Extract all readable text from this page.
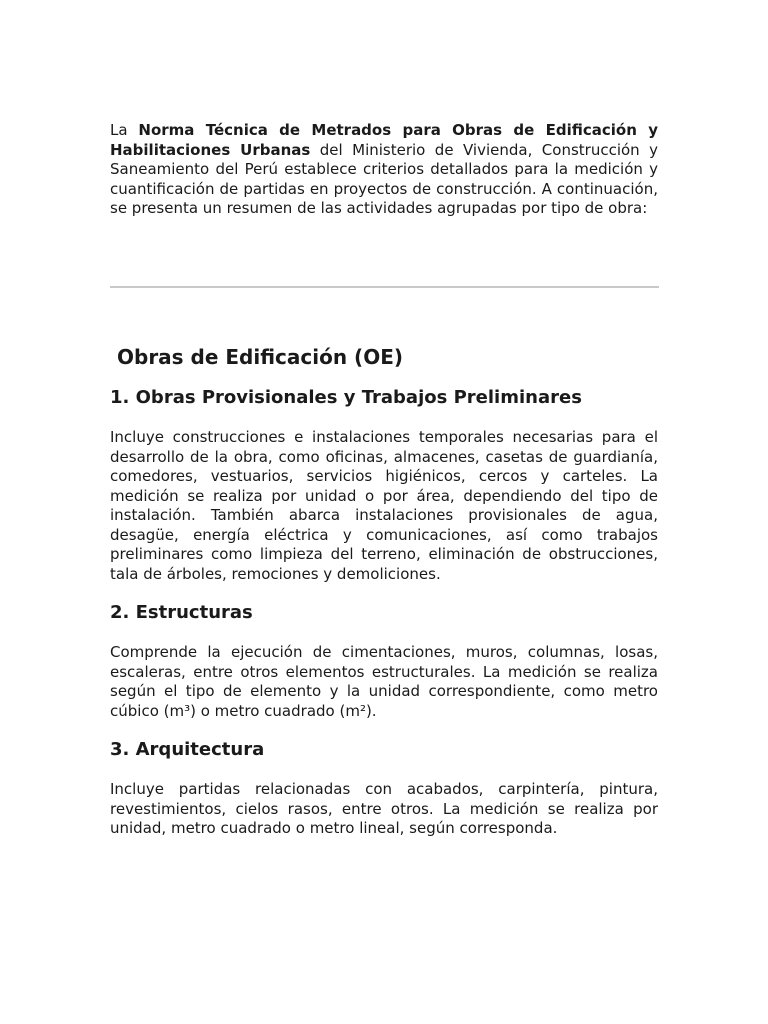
La Norma Técnica de Metrados para Obras de Edificación y Habilitaciones Urbanas del Ministerio de Vivienda, Construcción y Saneamiento del Perú establece criterios detallados para la medición y cuantificación de partidas en proyectos de construcción. A continuación, se presenta un resumen de las actividades agrupadas por tipo de obra:

Obras de Edificación (OE)
1. Obras Provisionales y Trabajos Preliminares

Incluye construcciones e instalaciones temporales necesarias para el desarrollo de la obra, como oficinas, almacenes, casetas de guardianía, comedores, vestuarios, servicios higiénicos, cercos y carteles. La medición se realiza por unidad o por área, dependiendo del tipo de instalación. También abarca instalaciones provisionales de agua, desagüe, energía eléctrica y comunicaciones, así como trabajos preliminares como limpieza del terreno, eliminación de obstrucciones, tala de árboles, remociones y demoliciones.

2. Estructuras

Comprende la ejecución de cimentaciones, muros, columnas, losas, escaleras, entre otros elementos estructurales. La medición se realiza según el tipo de elemento y la unidad correspondiente, como metro cúbico (m³) o metro cuadrado (m²).

3. Arquitectura

Incluye partidas relacionadas con acabados, carpintería, pintura, revestimientos, cielos rasos, entre otros. La medición se realiza por unidad, metro cuadrado o metro lineal, según corresponda.
